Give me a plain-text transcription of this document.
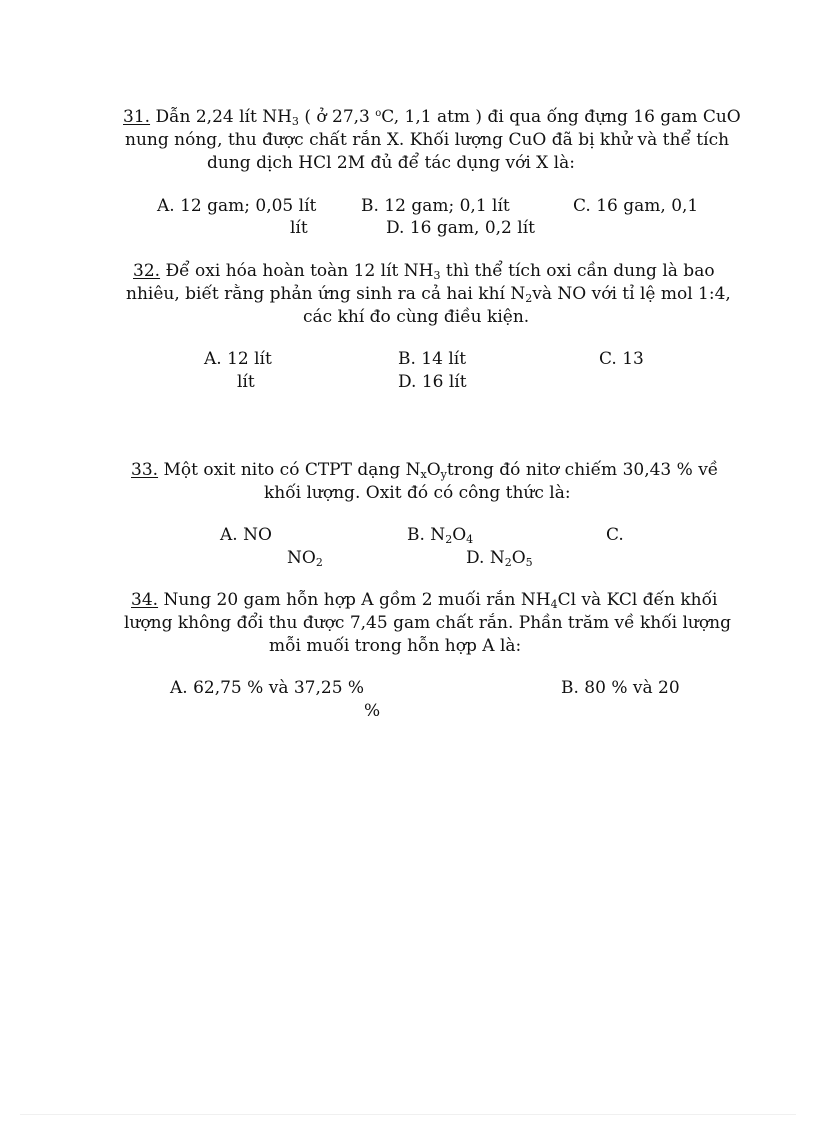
31. Dẫn 2,24 lít $NH_3$ ( ở 27,3 $^o$C, 1,1 atm ) đi qua ống đựng 16 gam CuO
nung nóng, thu được chất rắn X. Khối lượng CuO đã bị khử và thể tích
dung dịch HCl 2M đủ để tác dụng với X là:
A. 12 gam; 0,05 lít	B. 12 gam; 0,1 lít	C. 16 gam, 0,1
lít	D. 16 gam, 0,2 lít
32. Để oxi hóa hoàn toàn 12 lít $NH_3$ thì thể tích oxi cần dung là bao
nhiêu, biết rằng phản ứng sinh ra cả hai khí $N_2và$ NO với tỉ lệ mol 1:4,
các khí đo cùng điều kiện.
A. 12 lít	B. 14 lít	C. 13
lít	D. 16 lít
33. Một oxit nito có CTPT dạng $N_xO_ytrong$ đó nitơ chiếm 30,43 % về
khối lượng. Oxit đó có công thức là:
A. NO	B. $N_2O_4$	C.
$NO_2$	D. $N_2O_5$
34. Nung 20 gam hỗn hợp A gồm 2 muối rắn $NH_4Cl$ và KCl đến khối
lượng không đổi thu được 7,45 gam chất rắn. Phần trăm về khối lượng
mỗi muối trong hỗn hợp A là:
A. 62,75 % và 37,25 %	B. 80 % và 20
%
